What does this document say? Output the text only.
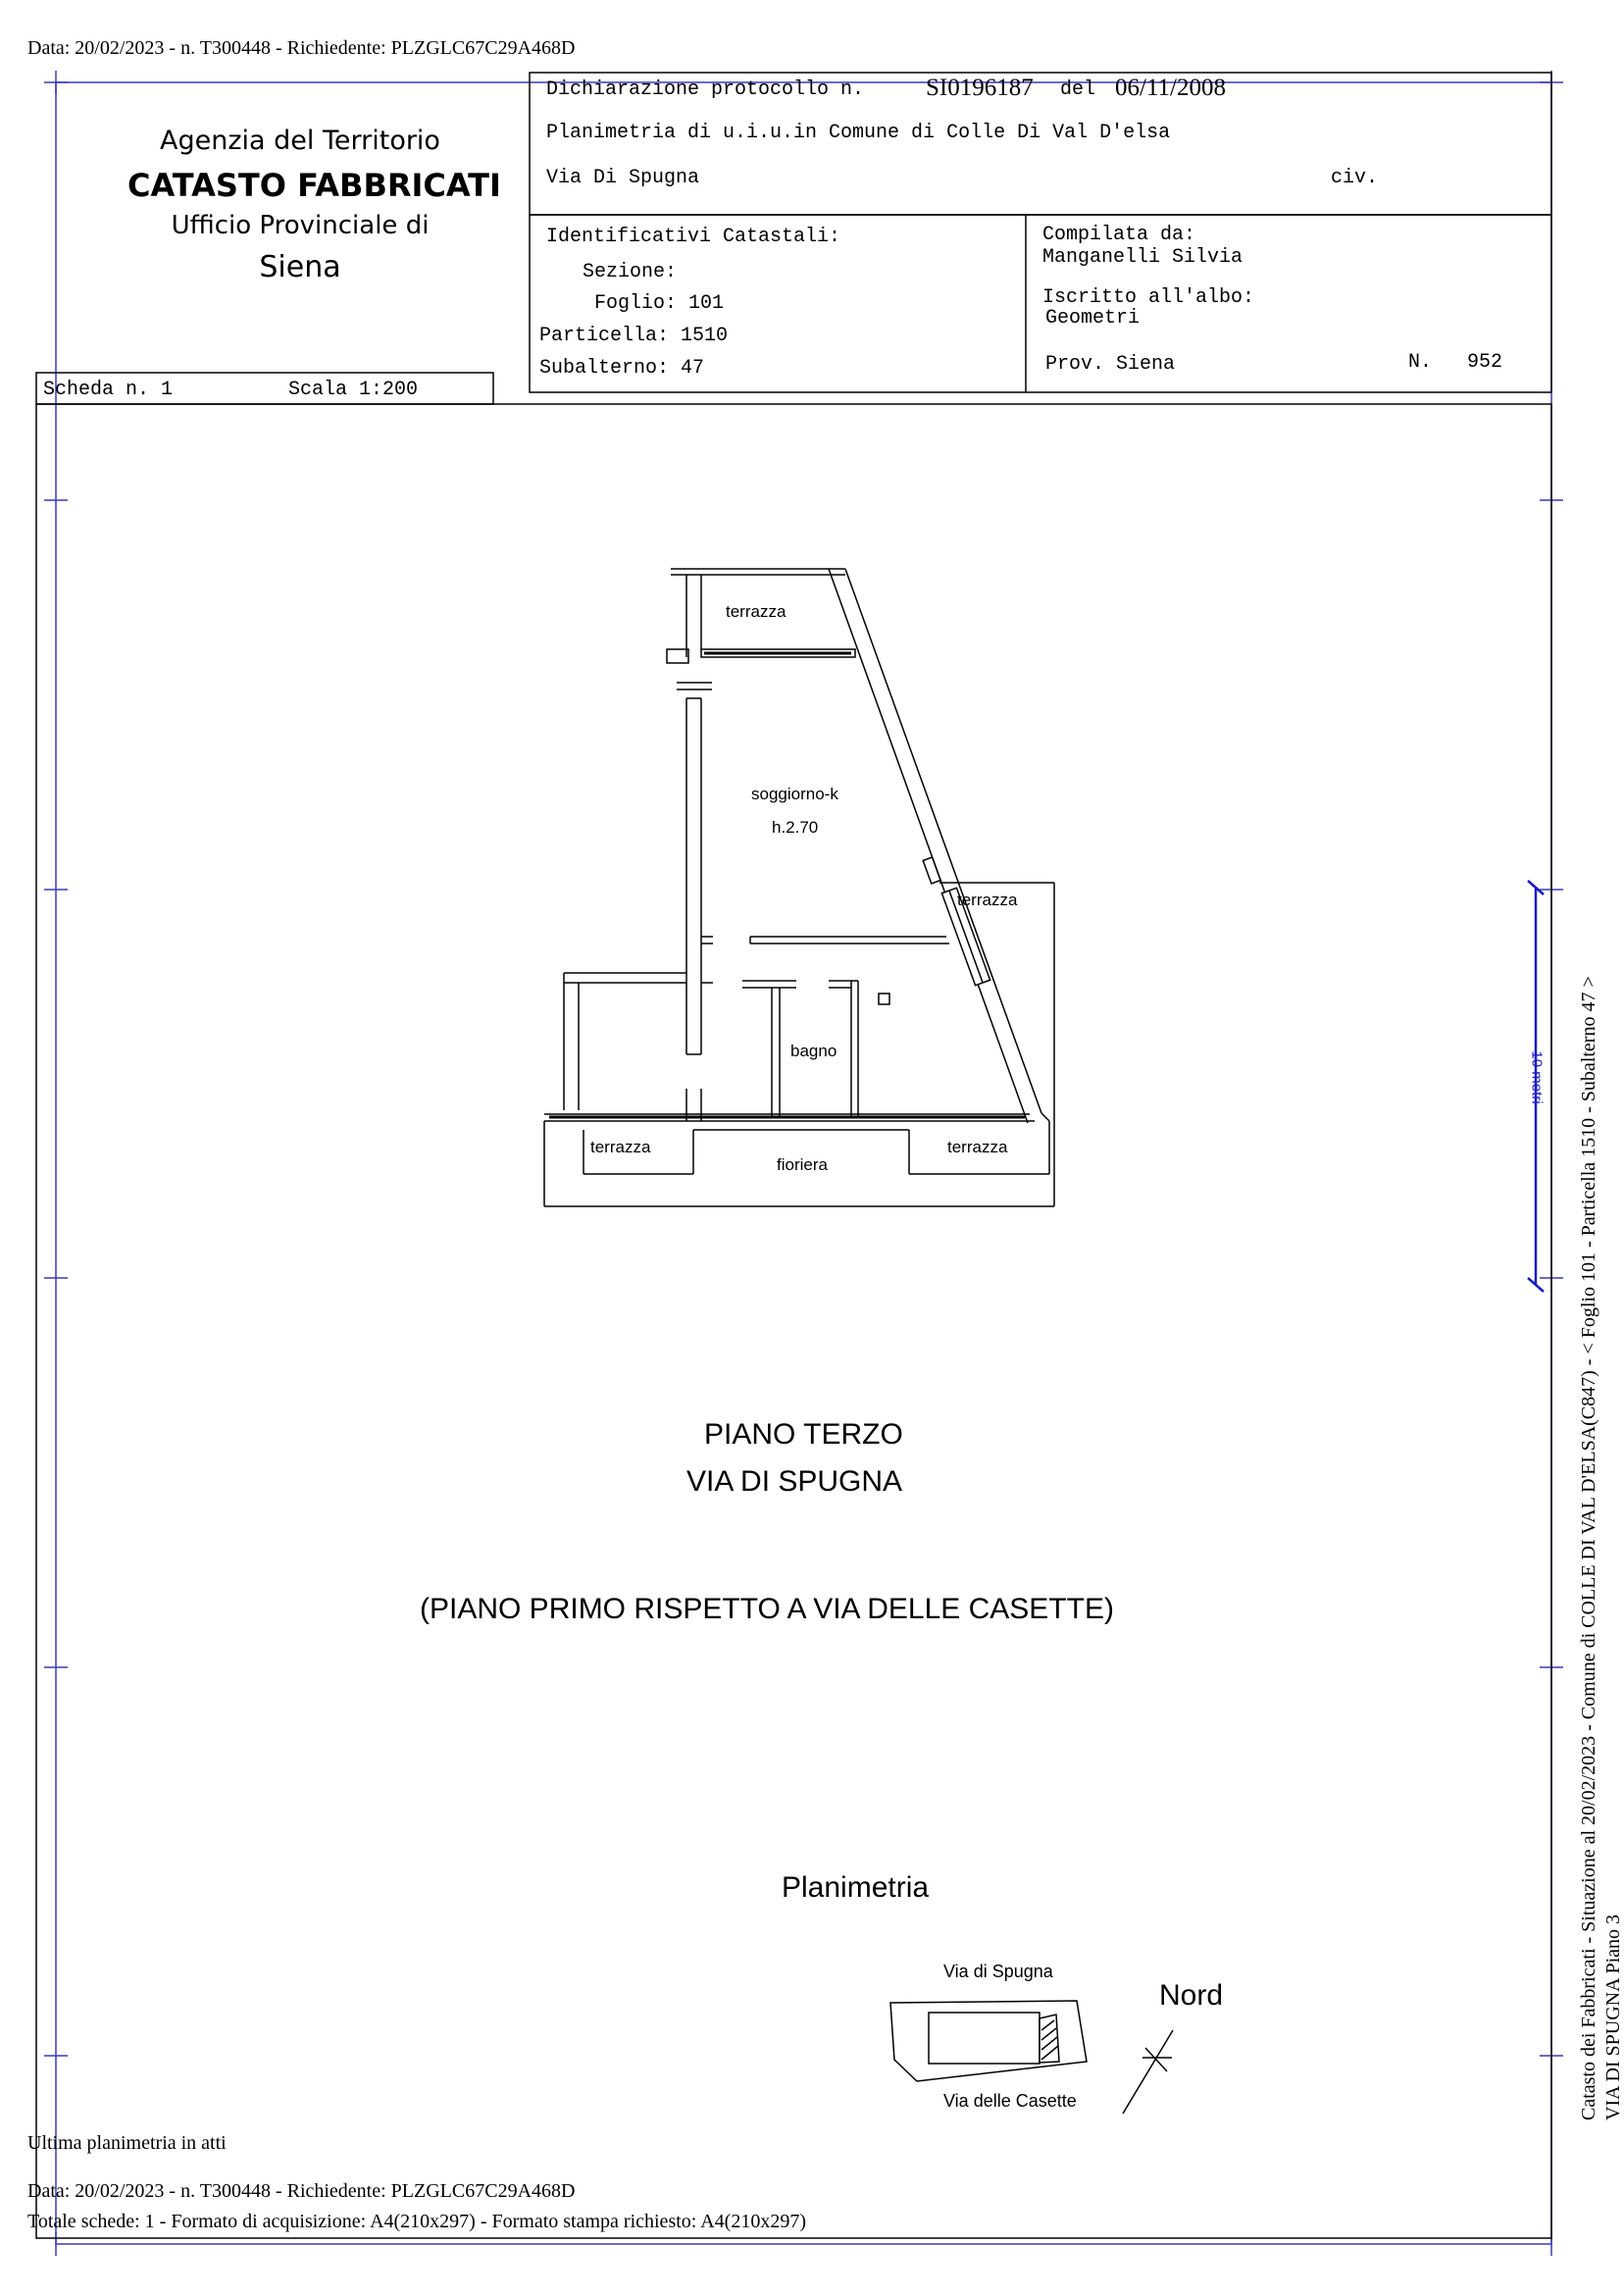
Data: 20/02/2023 - n. T300448 - Richiedente: PLZGLC67C29A468D
Agenzia del Territorio
CATASTO FABBRICATI
Ufficio Provinciale di
Siena
Dichiarazione protocollo n.	SI0196187 del 06/11/2008
Planimetria di u.i.u.in Comune di Colle Di Val D'elsa
Via Di Spugna	civ.
Identificativi Catastali:
Sezione:
Foglio: 101
Particella: 1510
Subalterno: 47
Compilata da:
Manganelli Silvia
Iscritto all'albo:
Geometri
Prov. Siena	N. 952
Scheda n. 1	Scala 1:200
terrazza
soggiorno-k
h.2.70
terrazza
bagno
terrazza
fioriera
terrazza
10 metri
PIANO TERZO
VIA DI SPUGNA
(PIANO PRIMO RISPETTO A VIA DELLE CASETTE)
Planimetria
Via di Spugna
Via delle Casette
Nord
Ultima planimetria in atti
Data: 20/02/2023 - n. T300448 - Richiedente: PLZGLC67C29A468D
Totale schede: 1 - Formato di acquisizione: A4(210x297) - Formato stampa richiesto: A4(210x297)
Catasto dei Fabbricati - Situazione al 20/02/2023 - Comune di COLLE DI VAL D'ELSA(C847) - < Foglio 101 - Particella 1510 - Subalterno 47 > VIA DI SPUGNA Piano 3
